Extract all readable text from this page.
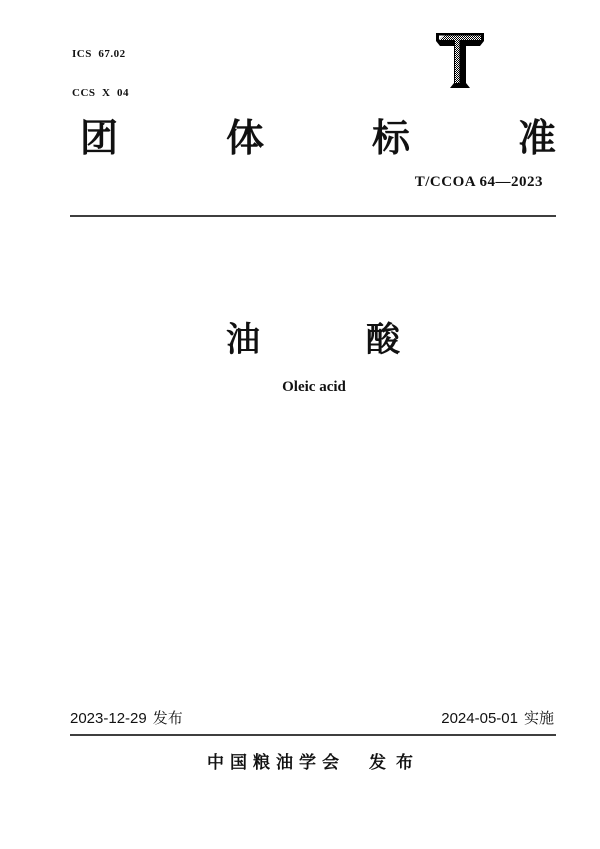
ICS  67.02

CCS  X  04

团	体	标	准
T/CCOA 64—2023
油	酸
Oleic acid
2023-12-29 发布	2024-05-01 实施
中国粮油学会 发布
